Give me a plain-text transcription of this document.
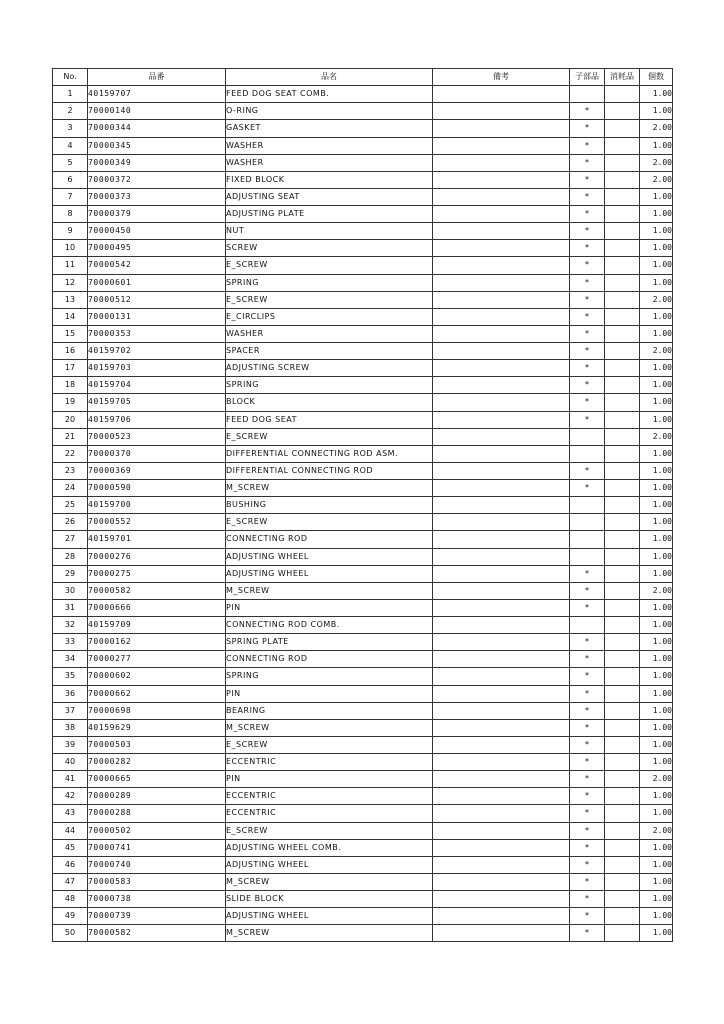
No.	品番	品名	備考	子部品	消耗品	個数
1	40159707	FEED DOG SEAT COMB.				1.00
2	70000140	O-RING		*		1.00
3	70000344	GASKET		*		2.00
4	70000345	WASHER		*		1.00
5	70000349	WASHER		*		2.00
6	70000372	FIXED BLOCK		*		2.00
7	70000373	ADJUSTING SEAT		*		1.00
8	70000379	ADJUSTING PLATE		*		1.00
9	70000450	NUT		*		1.00
10	70000495	SCREW		*		1.00
11	70000542	E_SCREW		*		1.00
12	70000601	SPRING		*		1.00
13	70000512	E_SCREW		*		2.00
14	70000131	E_CIRCLIPS		*		1.00
15	70000353	WASHER		*		1.00
16	40159702	SPACER		*		2.00
17	40159703	ADJUSTING SCREW		*		1.00
18	40159704	SPRING		*		1.00
19	40159705	BLOCK		*		1.00
20	40159706	FEED DOG SEAT		*		1.00
21	70000523	E_SCREW				2.00
22	70000370	DIFFERENTIAL CONNECTING ROD ASM.				1.00
23	70000369	DIFFERENTIAL CONNECTING ROD		*		1.00
24	70000590	M_SCREW		*		1.00
25	40159700	BUSHING				1.00
26	70000552	E_SCREW				1.00
27	40159701	CONNECTING ROD				1.00
28	70000276	ADJUSTING WHEEL				1.00
29	70000275	ADJUSTING WHEEL		*		1.00
30	70000582	M_SCREW		*		2.00
31	70000666	PIN		*		1.00
32	40159709	CONNECTING ROD COMB.				1.00
33	70000162	SPRING PLATE		*		1.00
34	70000277	CONNECTING ROD		*		1.00
35	70000602	SPRING		*		1.00
36	70000662	PIN		*		1.00
37	70000698	BEARING		*		1.00
38	40159629	M_SCREW		*		1.00
39	70000503	E_SCREW		*		1.00
40	70000282	ECCENTRIC		*		1.00
41	70000665	PIN		*		2.00
42	70000289	ECCENTRIC		*		1.00
43	70000288	ECCENTRIC		*		1.00
44	70000502	E_SCREW		*		2.00
45	70000741	ADJUSTING WHEEL COMB.		*		1.00
46	70000740	ADJUSTING WHEEL		*		1.00
47	70000583	M_SCREW		*		1.00
48	70000738	SLIDE BLOCK		*		1.00
49	70000739	ADJUSTING WHEEL		*		1.00
50	70000582	M_SCREW		*		1.00
